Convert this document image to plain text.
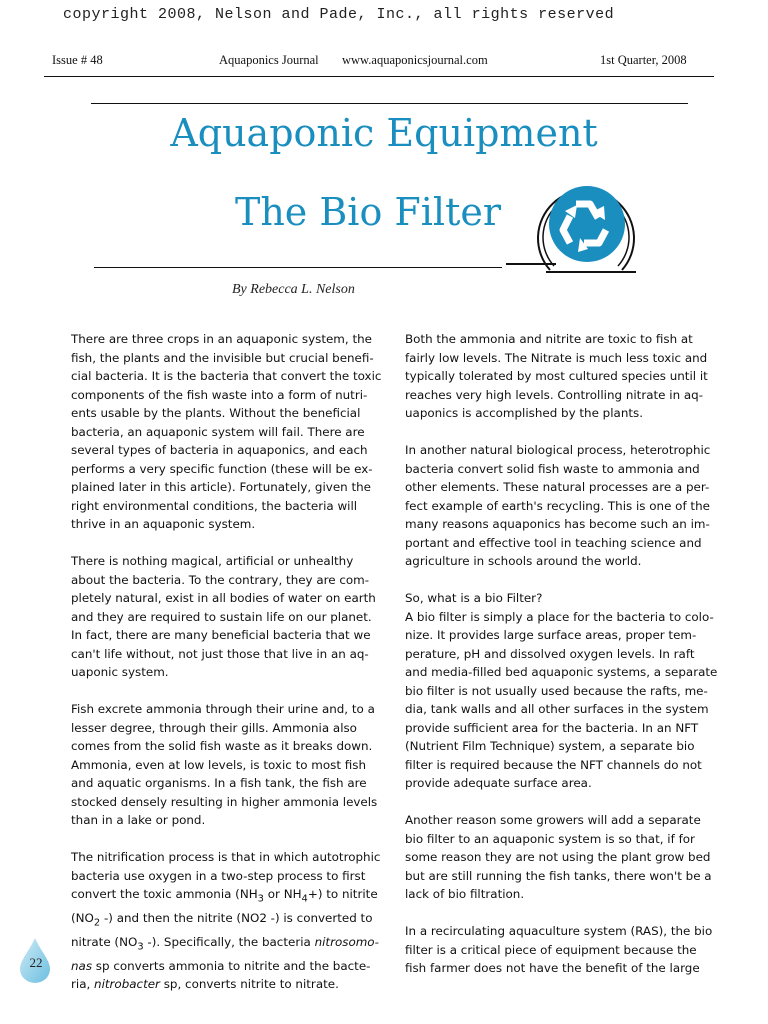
copyright 2008, Nelson and Pade, Inc., all rights reserved
Issue # 48	Aquaponics Journal www.aquaponicsjournal.com	1st Quarter, 2008
Aquaponic Equipment
The Bio Filter
By Rebecca L. Nelson

There are three crops in an aquaponic system, the
fish, the plants and the invisible but crucial benefi-
cial bacteria. It is the bacteria that convert the toxic
components of the fish waste into a form of nutri-
ents usable by the plants. Without the beneficial
bacteria, an aquaponic system will fail. There are
several types of bacteria in aquaponics, and each
performs a very specific function (these will be ex-
plained later in this article). Fortunately, given the
right environmental conditions, the bacteria will
thrive in an aquaponic system.

There is nothing magical, artificial or unhealthy
about the bacteria. To the contrary, they are com-
pletely natural, exist in all bodies of water on earth
and they are required to sustain life on our planet.
In fact, there are many beneficial bacteria that we
can't life without, not just those that live in an aq-
uaponic system.

Fish excrete ammonia through their urine and, to a
lesser degree, through their gills. Ammonia also
comes from the solid fish waste as it breaks down.
Ammonia, even at low levels, is toxic to most fish
and aquatic organisms. In a fish tank, the fish are
stocked densely resulting in higher ammonia levels
than in a lake or pond.

The nitrification process is that in which autotrophic
bacteria use oxygen in a two-step process to first
convert the toxic ammonia ($NH_3$ or $NH_4+$) to nitrite
($NO_2$ -) and then the nitrite (NO2 -) is converted to
nitrate ($NO_3$ -). Specifically, the bacteria nitrosomo-
nas sp converts ammonia to nitrite and the bacte-
ria, nitrobacter sp, converts nitrite to nitrate.

Both the ammonia and nitrite are toxic to fish at
fairly low levels. The Nitrate is much less toxic and
typically tolerated by most cultured species until it
reaches very high levels. Controlling nitrate in aq-
uaponics is accomplished by the plants.

In another natural biological process, heterotrophic
bacteria convert solid fish waste to ammonia and
other elements. These natural processes are a per-
fect example of earth's recycling. This is one of the
many reasons aquaponics has become such an im-
portant and effective tool in teaching science and
agriculture in schools around the world.

So, what is a bio Filter?
A bio filter is simply a place for the bacteria to colo-
nize. It provides large surface areas, proper tem-
perature, pH and dissolved oxygen levels. In raft
and media-filled bed aquaponic systems, a separate
bio filter is not usually used because the rafts, me-
dia, tank walls and all other surfaces in the system
provide sufficient area for the bacteria. In an NFT
(Nutrient Film Technique) system, a separate bio
filter is required because the NFT channels do not
provide adequate surface area.

Another reason some growers will add a separate
bio filter to an aquaponic system is so that, if for
some reason they are not using the plant grow bed
but are still running the fish tanks, there won't be a
lack of bio filtration.

In a recirculating aquaculture system (RAS), the bio
filter is a critical piece of equipment because the
fish farmer does not have the benefit of the large

22
